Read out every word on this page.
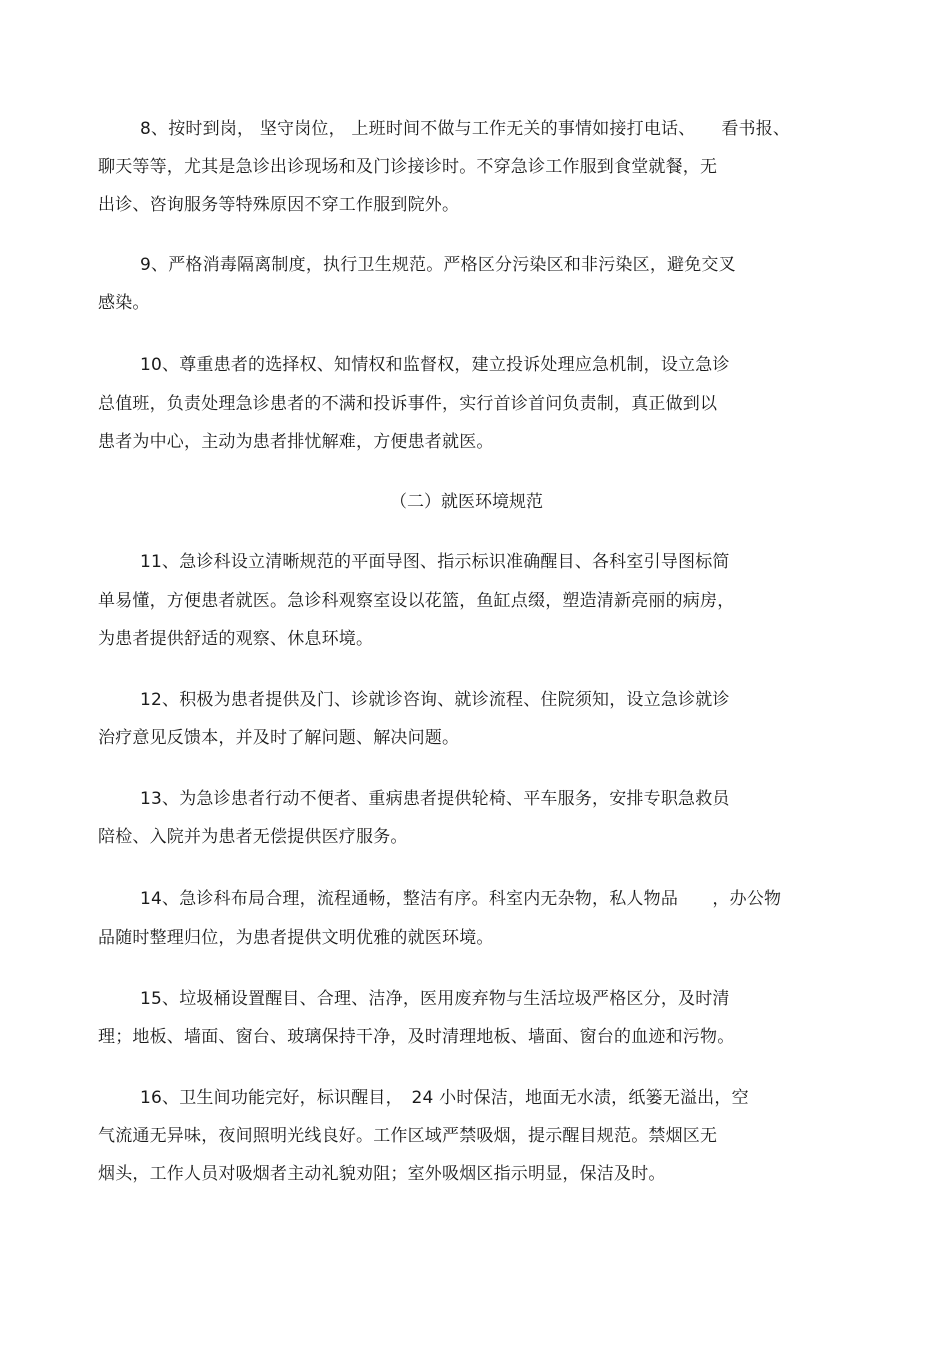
8、按时到岗， 坚守岗位， 上班时间不做与工作无关的事情如接打电话、　　看书报、
聊天等等，尤其是急诊出诊现场和及门诊接诊时。不穿急诊工作服到食堂就餐，无
出诊、咨询服务等特殊原因不穿工作服到院外。
9、严格消毒隔离制度，执行卫生规范。严格区分污染区和非污染区，避免交叉
感染。
10、尊重患者的选择权、知情权和监督权，建立投诉处理应急机制，设立急诊
总值班，负责处理急诊患者的不满和投诉事件，实行首诊首问负责制，真正做到以
患者为中心，主动为患者排忧解难，方便患者就医。
（二）就医环境规范
11、急诊科设立清晰规范的平面导图、指示标识准确醒目、各科室引导图标简
单易懂，方便患者就医。急诊科观察室设以花篮，鱼缸点缀，塑造清新亮丽的病房，
为患者提供舒适的观察、休息环境。
12、积极为患者提供及门、诊就诊咨询、就诊流程、住院须知，设立急诊就诊
治疗意见反馈本，并及时了解问题、解决问题。
13、为急诊患者行动不便者、重病患者提供轮椅、平车服务，安排专职急救员
陪检、入院并为患者无偿提供医疗服务。
14、急诊科布局合理，流程通畅，整洁有序。科室内无杂物，私人物品　　，办公物
品随时整理归位，为患者提供文明优雅的就医环境。
15、垃圾桶设置醒目、合理、洁净，医用废弃物与生活垃圾严格区分，及时清
理；地板、墙面、窗台、玻璃保持干净，及时清理地板、墙面、窗台的血迹和污物。
16、卫生间功能完好，标识醒目，　24 小时保洁，地面无水渍，纸篓无溢出，空
气流通无异味，夜间照明光线良好。工作区域严禁吸烟，提示醒目规范。禁烟区无
烟头，工作人员对吸烟者主动礼貌劝阻；室外吸烟区指示明显，保洁及时。
